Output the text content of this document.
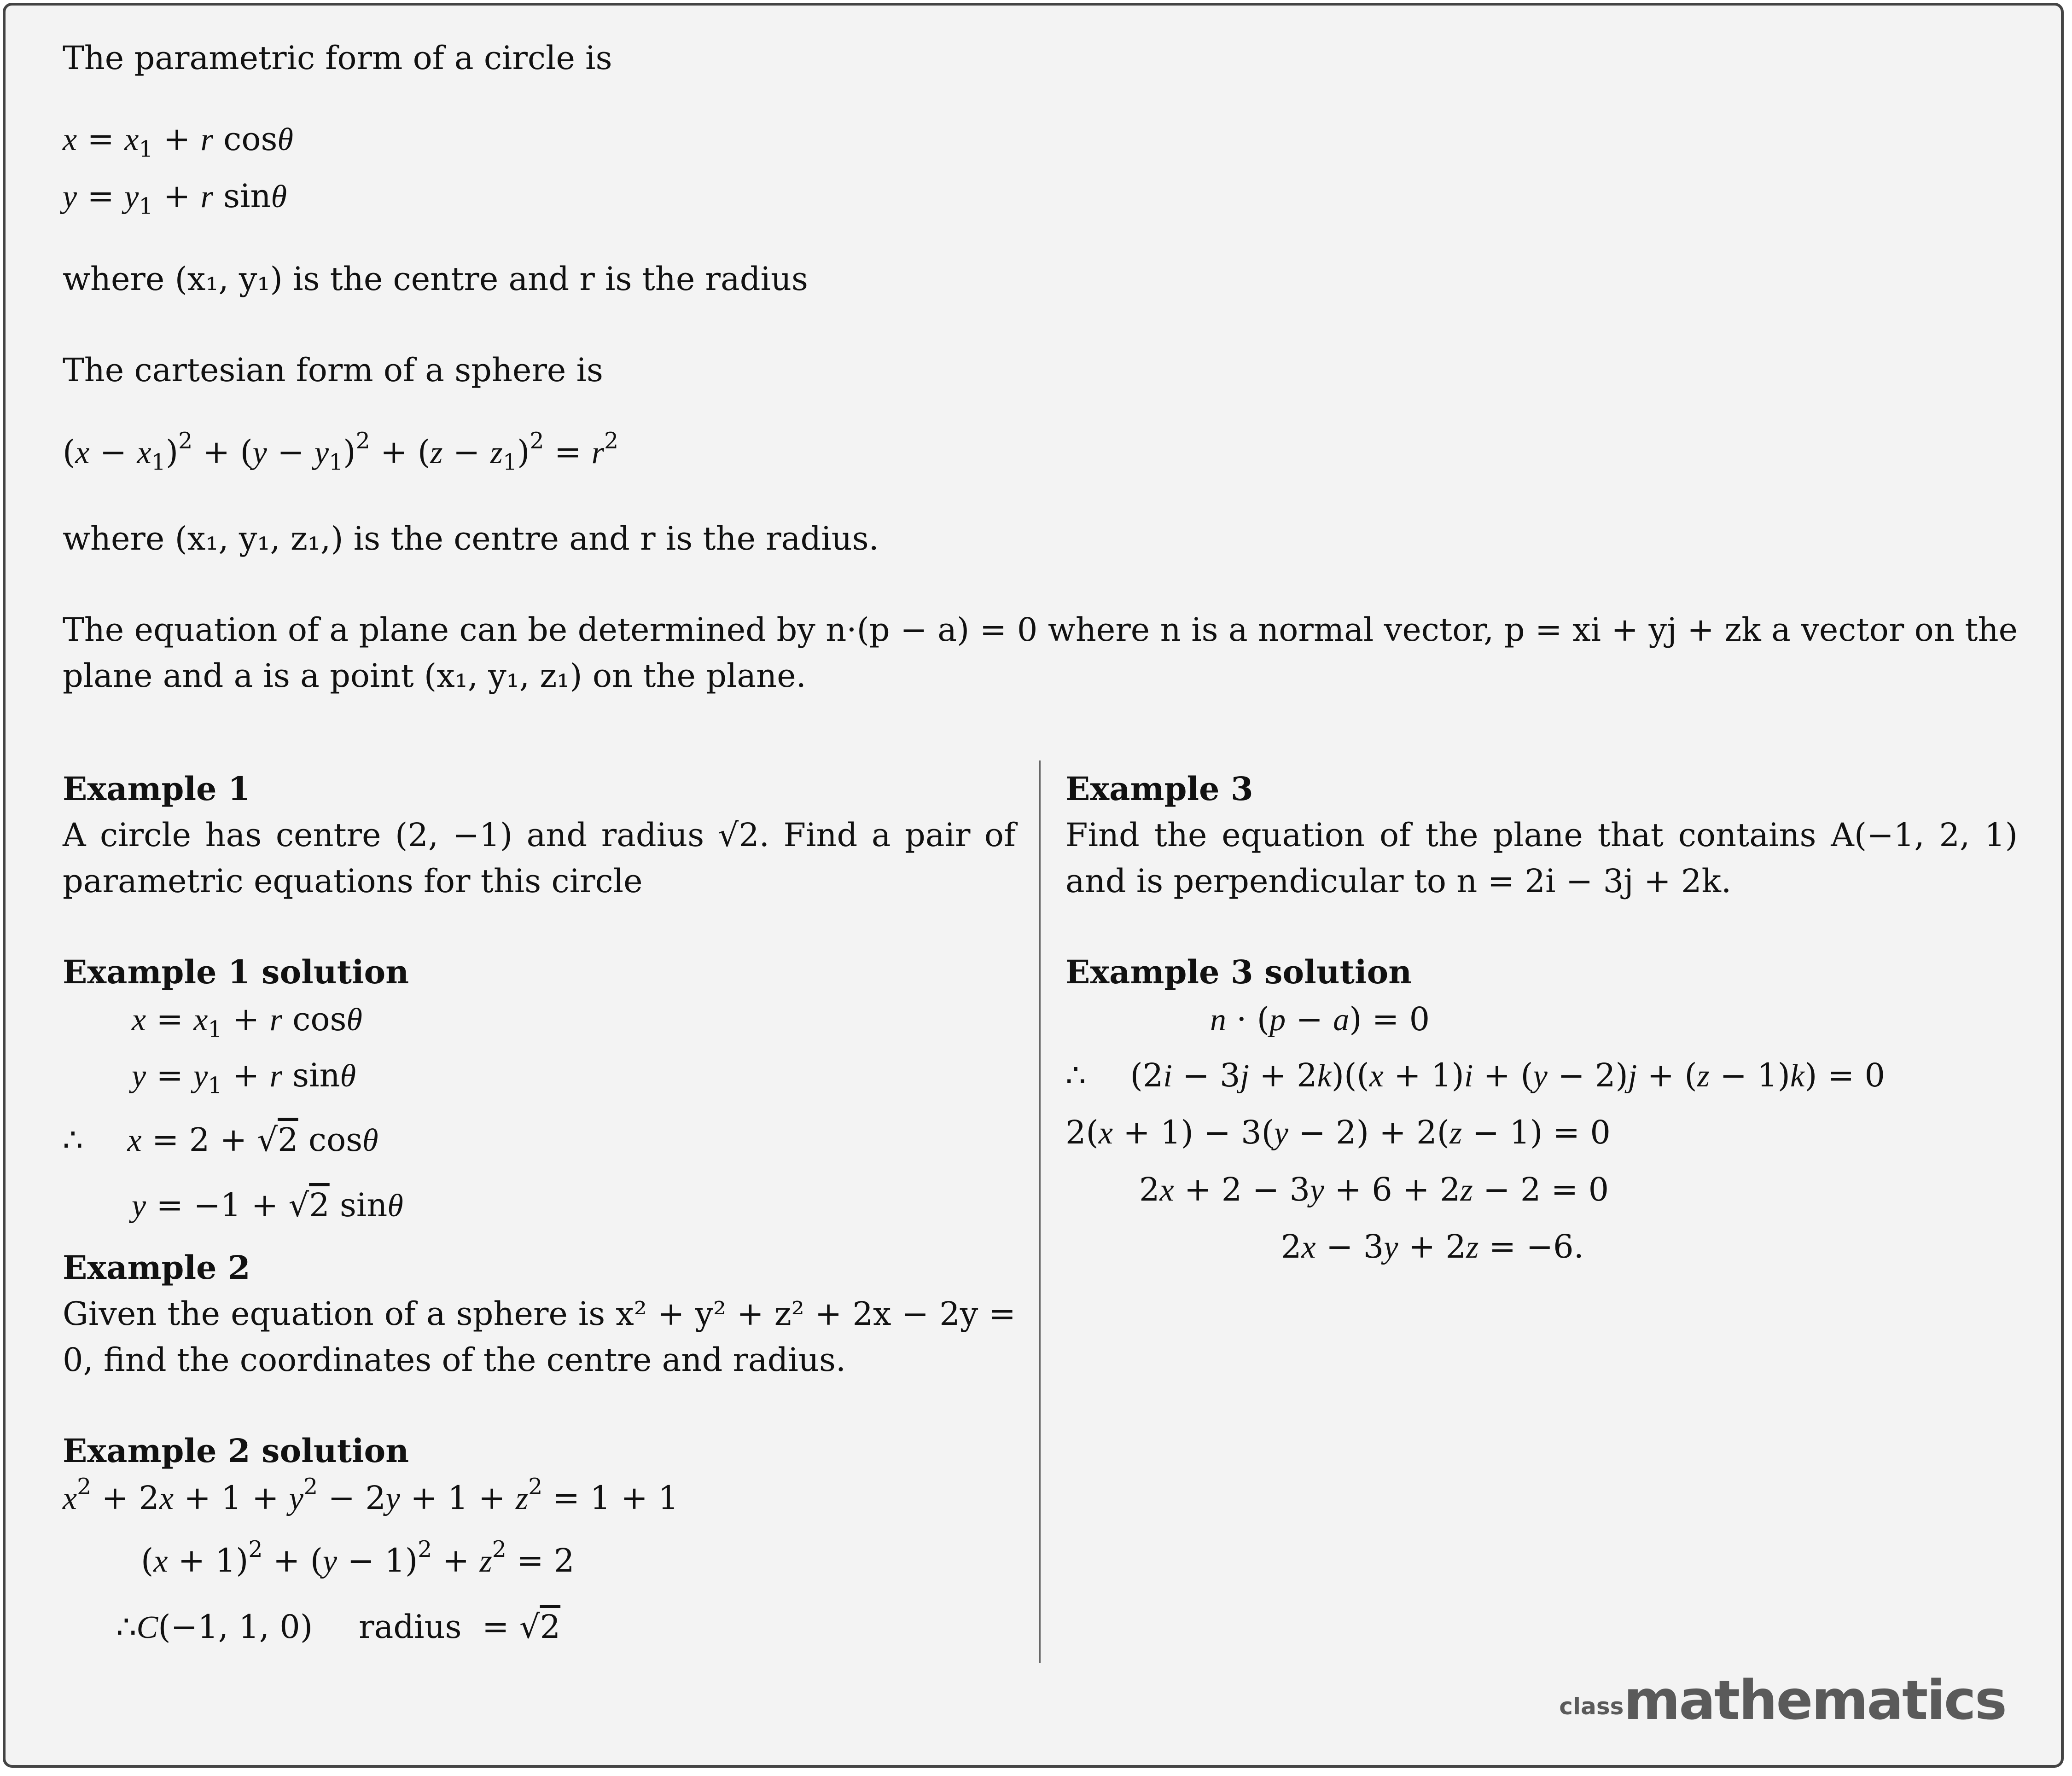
The parametric form of a circle is
$x = x_1 + r$ cosθ
$y = y_1 + r$ sinθ
where (x₁, y₁) is the centre and r is the radius
The cartesian form of a sphere is
$(x - x_1)^2 + (y - y_1)^2 + (z - z_1)^2 = r^2$
where (x₁, y₁, z₁,) is the centre and r is the radius.
The equation of a plane can be determined by n·(p − a) = 0 where n is a normal vector, p = xi + yj + zk a vector on the plane and a is a point (x₁, y₁, z₁) on the plane.
Example 1
A circle has centre (2, −1) and radius √2. Find a pair of parametric equations for this circle
Example 1 solution
$x = x_1 + r$ cosθ
$y = y_1 + r$ sinθ
∴ x = 2 + √2 cosθ
y = −1 + √2 sinθ
Example 2
Given the equation of a sphere is x² + y² + z² + 2x − 2y = 0, find the coordinates of the centre and radius.
Example 2 solution
$x^2 + 2x + 1 + y^2 - 2y + 1 + z^2 = 1 + 1$
$(x + 1)^2 + (y - 1)^2 + z^2 = 2$
∴C(−1, 1, 0) radius  = √2
Example 3
Find the equation of the plane that contains A(−1, 2, 1) and is perpendicular to n = 2i − 3j + 2k.
Example 3 solution
n · (p − a) = 0
∴ (2i − 3j + 2k)((x + 1)i + (y − 2)j + (z − 1)k) = 0
2(x + 1) − 3(y − 2) + 2(z − 1) = 0
2x + 2 − 3y + 6 + 2z − 2 = 0
2x − 3y + 2z = −6.
classmathematics
